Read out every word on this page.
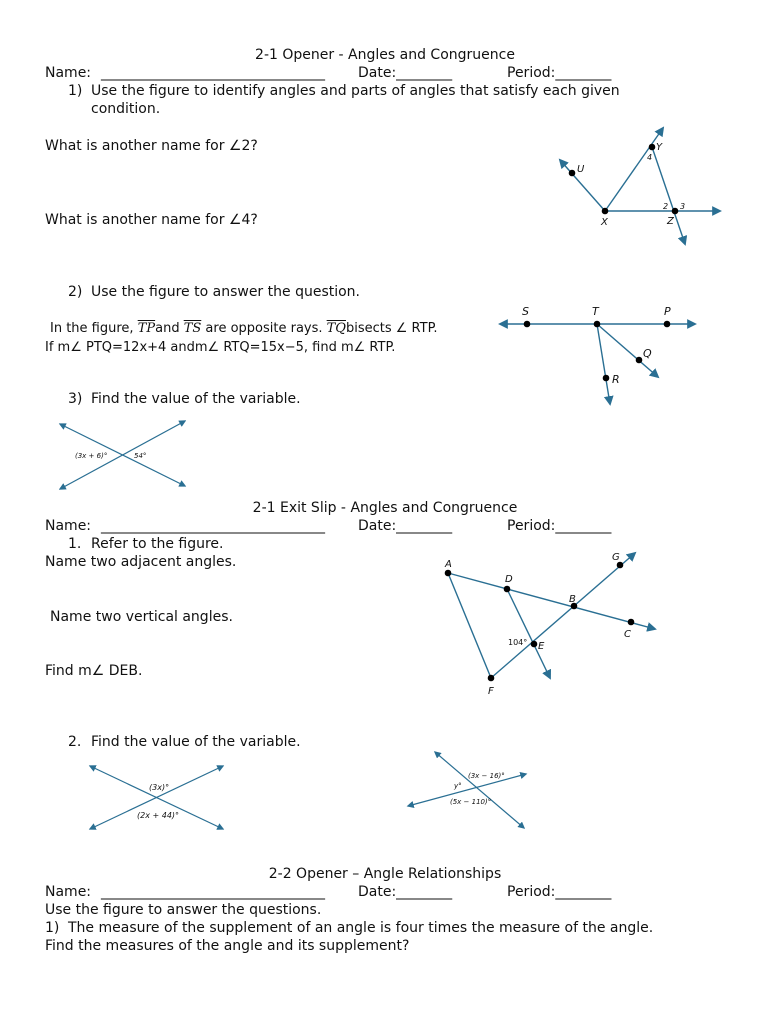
2-1 Opener - Angles and Congruence
Name: ________________________________ Date:________	Period:________
1) Use the figure to identify angles and parts of angles that satisfy each given
condition.
What is another name for ∠2?
What is another name for ∠4?
2) Use the figure to answer the question.
In the figure, $\overline{TP}and$ $\overline{TS}$ are opposite rays. $\overline{TQ}bisects$ ∠ RTP.
If m∠ PTQ=12x+4 andm∠ RTQ=15x−5, find m∠ RTP.
3) Find the value of the variable.
U
Y
X	Z
4
2 3
S	T	P
Q
R
(3x + 6)°	54°
2-1 Exit Slip - Angles and Congruence
Name: ________________________________ Date:________	Period:________
1. Refer to the figure.
Name two adjacent angles.
Name two vertical angles.
Find m∠ DEB.
2. Find the value of the variable.
A
D
G
B
C
E
F
104°
(3x)°
(2x + 44)°
(3x − 16)°
y°
(5x − 110)°
2-2 Opener – Angle Relationships
Name: ________________________________ Date:________	Period:________
Use the figure to answer the questions.
1) The measure of the supplement of an angle is four times the measure of the angle.
Find the measures of the angle and its supplement?
